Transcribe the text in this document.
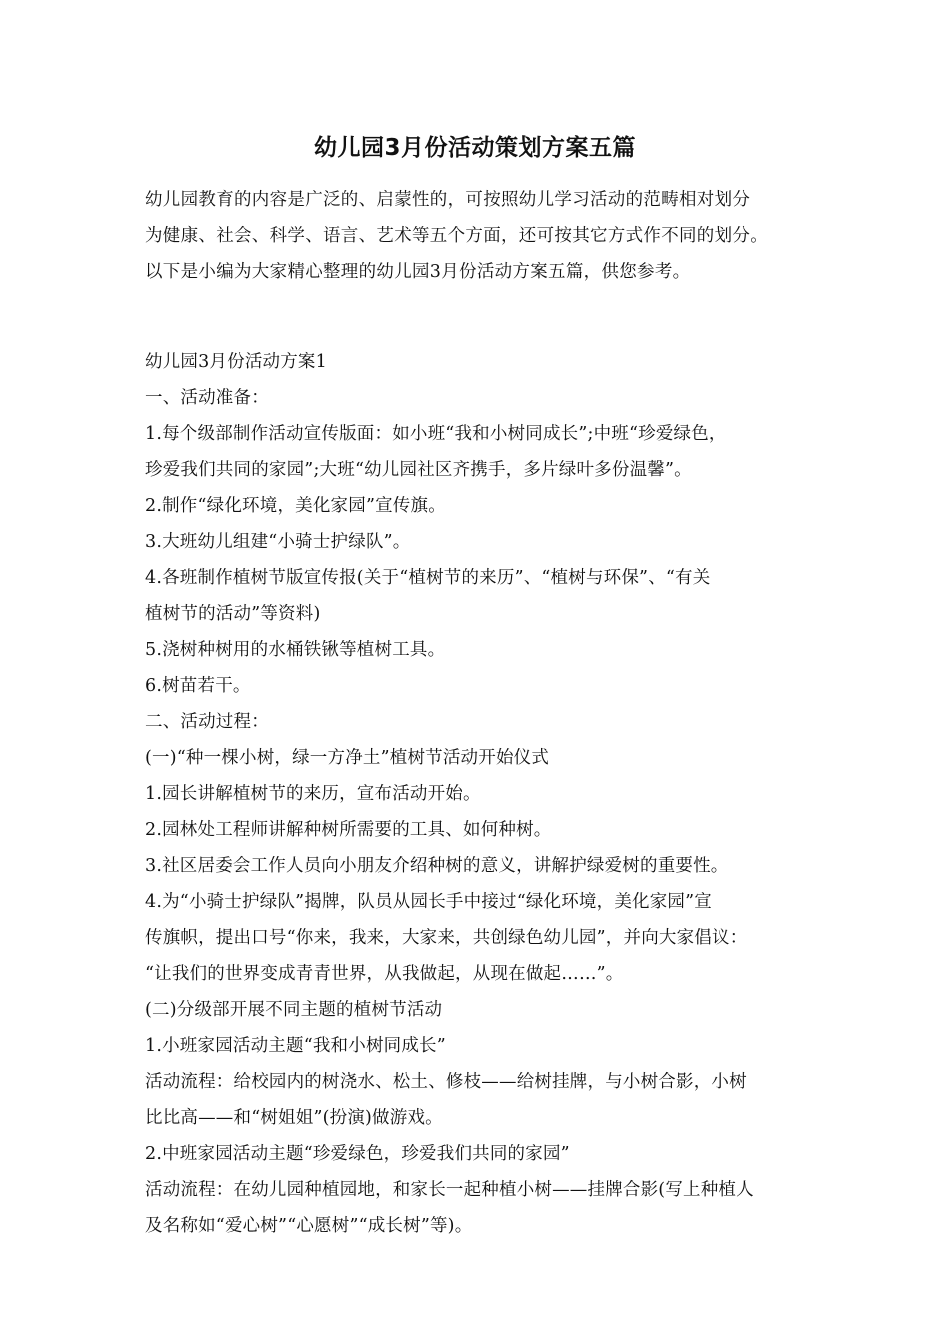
幼儿园3月份活动策划方案五篇

幼儿园教育的内容是广泛的、启蒙性的，可按照幼儿学习活动的范畴相对划分

为健康、社会、科学、语言、艺术等五个方面，还可按其它方式作不同的划分。

以下是小编为大家精心整理的幼儿园3月份活动方案五篇，供您参考。

幼儿园3月份活动方案1

一、活动准备：

1.每个级部制作活动宣传版面：如小班“我和小树同成长”;中班“珍爱绿色，

珍爱我们共同的家园”;大班“幼儿园社区齐携手，多片绿叶多份温馨”。

2.制作“绿化环境，美化家园”宣传旗。

3.大班幼儿组建“小骑士护绿队”。

4.各班制作植树节版宣传报(关于“植树节的来历”、“植树与环保”、“有关

植树节的活动”等资料)

5.浇树种树用的水桶铁锹等植树工具。

6.树苗若干。

二、活动过程：

(一)“种一棵小树，绿一方净土”植树节活动开始仪式

1.园长讲解植树节的来历，宣布活动开始。

2.园林处工程师讲解种树所需要的工具、如何种树。

3.社区居委会工作人员向小朋友介绍种树的意义，讲解护绿爱树的重要性。

4.为“小骑士护绿队”揭牌，队员从园长手中接过“绿化环境，美化家园”宣

传旗帜，提出口号“你来，我来，大家来，共创绿色幼儿园”，并向大家倡议：

“让我们的世界变成青青世界，从我做起，从现在做起……”。

(二)分级部开展不同主题的植树节活动

1.小班家园活动主题“我和小树同成长”

活动流程：给校园内的树浇水、松土、修枝——给树挂牌，与小树合影，小树

比比高——和“树姐姐”(扮演)做游戏。

2.中班家园活动主题“珍爱绿色，珍爱我们共同的家园”

活动流程：在幼儿园种植园地，和家长一起种植小树——挂牌合影(写上种植人

及名称如“爱心树”“心愿树”“成长树”等)。
